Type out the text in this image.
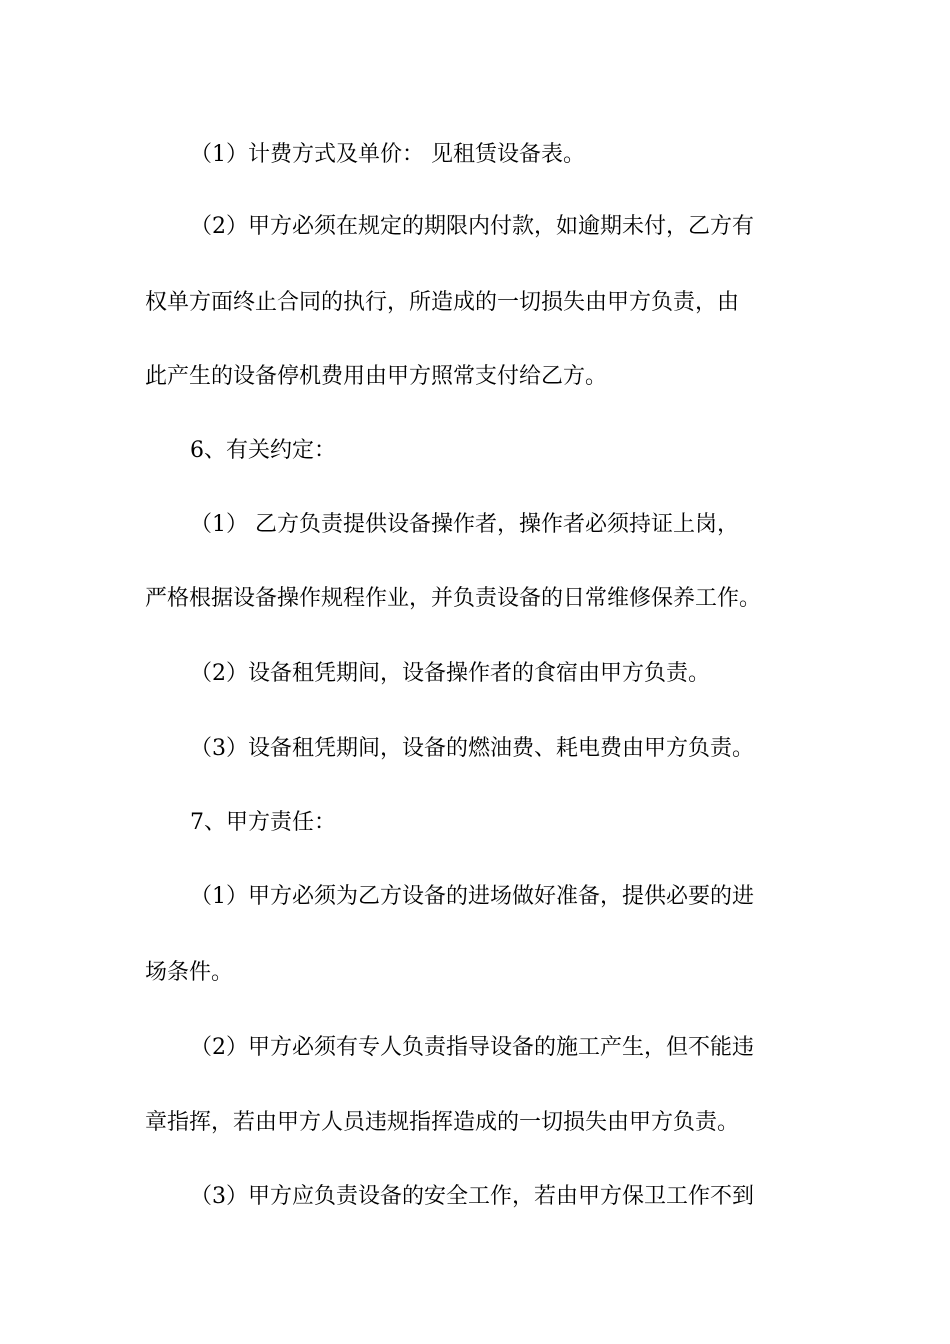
（1）计费方式及单价： 见租赁设备表。
（2）甲方必须在规定的期限内付款，如逾期未付，乙方有
权单方面终止合同的执行，所造成的一切损失由甲方负责，由
此产生的设备停机费用由甲方照常支付给乙方。
6、有关约定：
（1） 乙方负责提供设备操作者，操作者必须持证上岗，
严格根据设备操作规程作业，并负责设备的日常维修保养工作。
（2）设备租凭期间，设备操作者的食宿由甲方负责。
（3）设备租凭期间，设备的燃油费、耗电费由甲方负责。
7、甲方责任：
（1）甲方必须为乙方设备的进场做好准备，提供必要的进
场条件。
（2）甲方必须有专人负责指导设备的施工产生，但不能违
章指挥，若由甲方人员违规指挥造成的一切损失由甲方负责。
（3）甲方应负责设备的安全工作，若由甲方保卫工作不到
